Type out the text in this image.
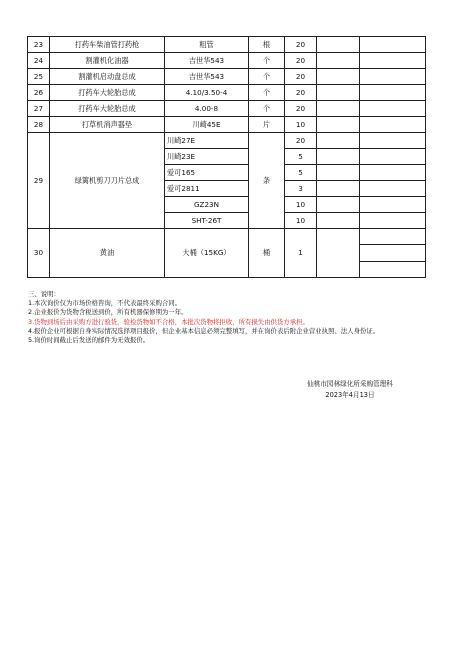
23	打药车柴油管打药枪	粗管	根	20		
24	割灌机化油器	吉世华543	个	20		
25	割灌机启动盘总成	吉世华543	个	20		
26	打药车大轮胎总成	4.10/3.50-4	个	20		
27	打药车大轮胎总成	4.00-8	个	20		
28	打草机消声器垫	川崎45E	片	10		
29	绿篱机剪刀刀片总成	川崎27E	条	20		
		川崎23E		5		
		爱可165		5		
		爱可2811		3		
		GZ23N		10		
		SHT-26T		10		
30	黄油	大桶（15KG）	桶	1		

三、说明：
1.本次询价仅为市场价格咨询，不代表最终采购合同。
2.企业报价为货物含税送到价，所有机器保修期为一年。
3.货物到场后由采购方进行验货，验检货物如不合格，本批次货物将拒收，所有损失由供货方承担。
4.报价企业可根据自身实际情况选择项目报价，但企业基本信息必须完整填写，并在询价表后附企业营业执照、法人身份证。
5.询价时间截止后发送的邮件为无效报价。
仙桃市园林绿化所采购管理科
2023年4月13日
